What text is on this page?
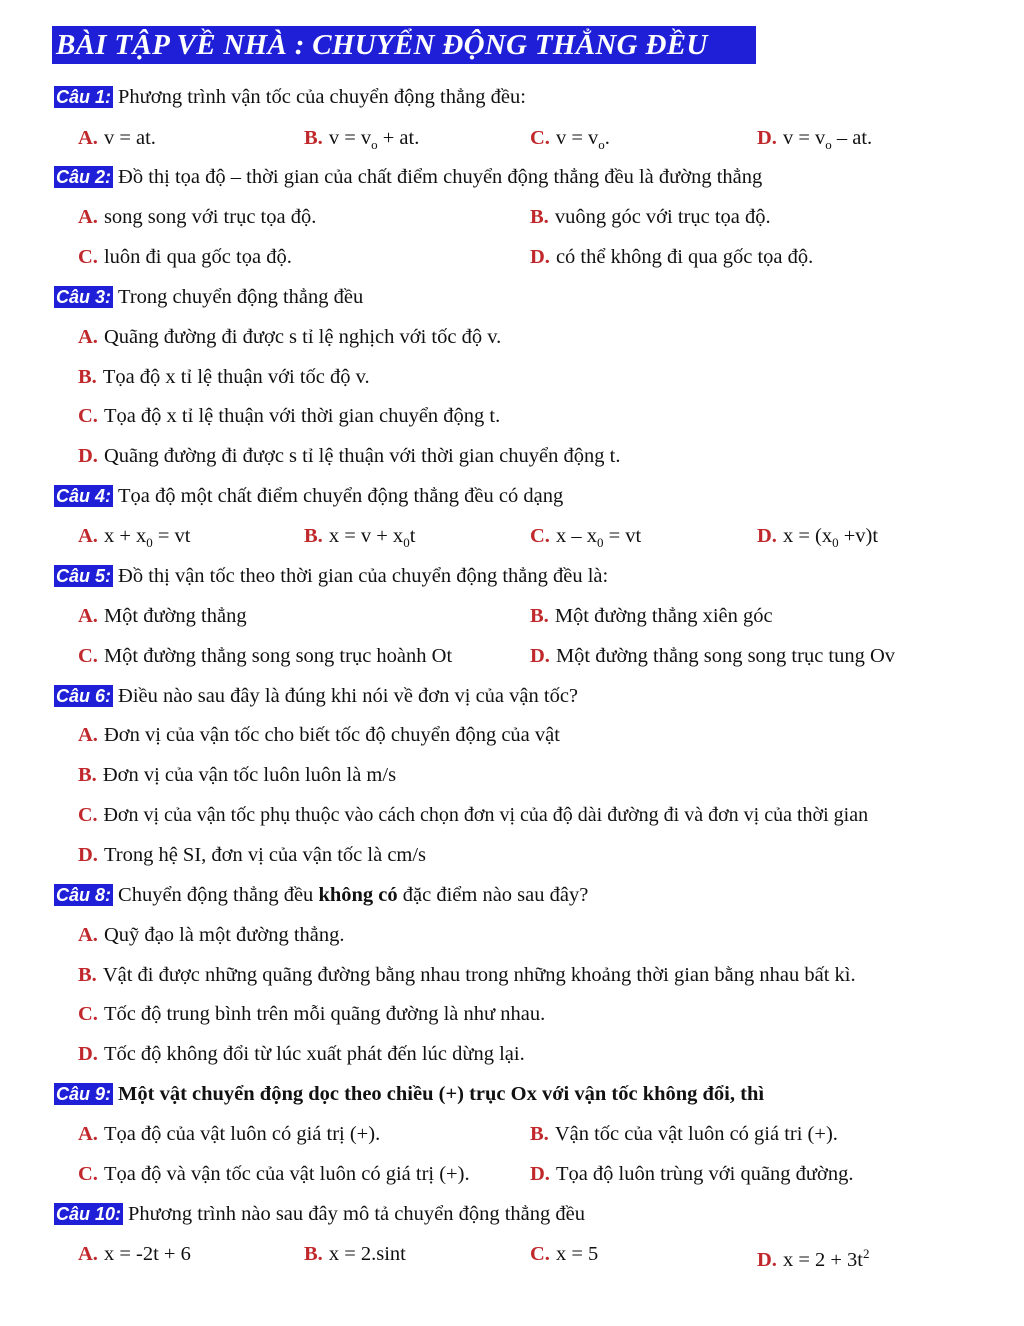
BÀI TẬP VỀ NHÀ : CHUYỂN ĐỘNG THẲNG ĐỀU
Câu 1: Phương trình vận tốc của chuyển động thẳng đều:
A. v = at.	B. $v = v_o$ + at.	C. $v = v_o$.	D. $v = v_o$ – at.
Câu 2: Đồ thị tọa độ – thời gian của chất điểm chuyển động thẳng đều là đường thẳng
A. song song với trục tọa độ.	B. vuông góc với trục tọa độ.
C. luôn đi qua gốc tọa độ.	D. có thể không đi qua gốc tọa độ.
Câu 3: Trong chuyển động thẳng đều
A. Quãng đường đi được s tỉ lệ nghịch với tốc độ v.
B. Tọa độ x tỉ lệ thuận với tốc độ v.
C. Tọa độ x tỉ lệ thuận với thời gian chuyển động t.
D. Quãng đường đi được s tỉ lệ thuận với thời gian chuyển động t.
Câu 4: Tọa độ một chất điểm chuyển động thẳng đều có dạng
A. $x + x_0$ = vt	B. $x = v + x_0t$	C. x – $x_0$ = vt	D. $x = (x_0 +v)t$
Câu 5: Đồ thị vận tốc theo thời gian của chuyển động thẳng đều là:
A. Một đường thẳng	B. Một đường thẳng xiên góc
C. Một đường thẳng song song trục hoành Ot	D. Một đường thẳng song song trục tung Ov
Câu 6: Điều nào sau đây là đúng khi nói về đơn vị của vận tốc?
A. Đơn vị của vận tốc cho biết tốc độ chuyển động của vật
B. Đơn vị của vận tốc luôn luôn là m/s
C. Đơn vị của vận tốc phụ thuộc vào cách chọn đơn vị của độ dài đường đi và đơn vị của thời gian
D. Trong hệ SI, đơn vị của vận tốc là cm/s
Câu 8: Chuyển động thẳng đều không có đặc điểm nào sau đây?
A. Quỹ đạo là một đường thẳng.
B. Vật đi được những quãng đường bằng nhau trong những khoảng thời gian bằng nhau bất kì.
C. Tốc độ trung bình trên mỗi quãng đường là như nhau.
D. Tốc độ không đổi từ lúc xuất phát đến lúc dừng lại.
Câu 9: Một vật chuyển động dọc theo chiều (+) trục Ox với vận tốc không đổi, thì
A. Tọa độ của vật luôn có giá trị (+).	B. Vận tốc của vật luôn có giá tri (+).
C. Tọa độ và vận tốc của vật luôn có giá trị (+).	D. Tọa độ luôn trùng với quãng đường.
Câu 10: Phương trình nào sau đây mô tả chuyển động thẳng đều
A. x = -2t + 6	B. x = 2.sint	C. x = 5	D. $x = 2 + 3t^2$
